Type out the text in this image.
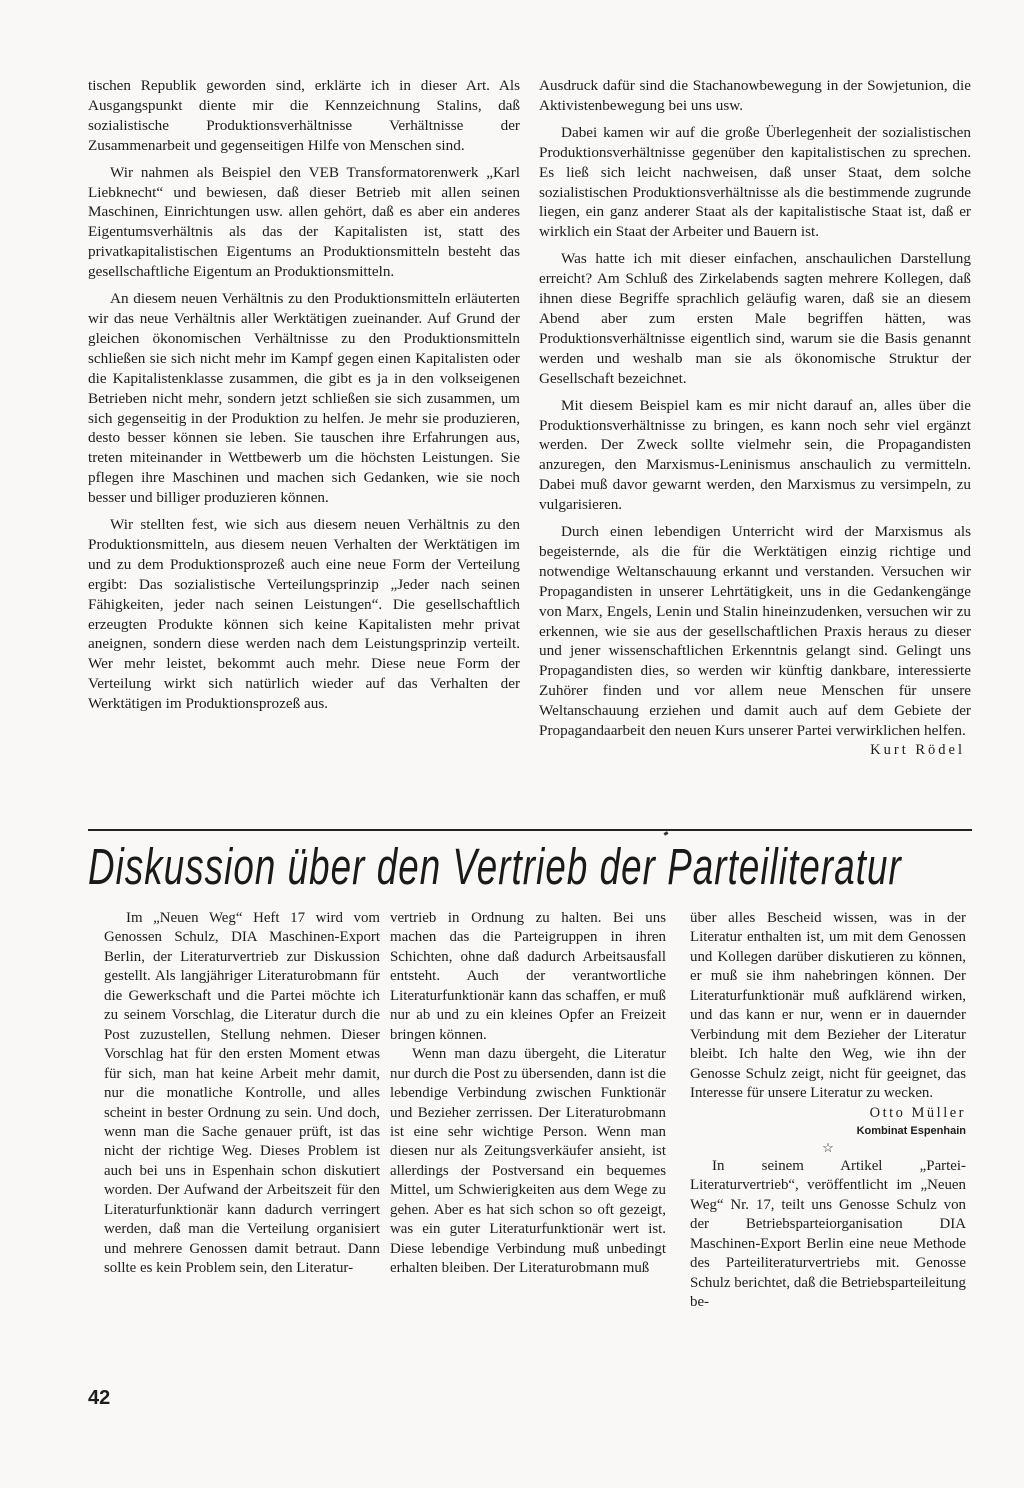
tischen Republik geworden sind, erklärte ich in dieser Art. Als Ausgangspunkt diente mir die Kennzeichnung Stalins, daß sozialistische Produktionsverhältnisse Verhältnisse der Zusammenarbeit und gegenseitigen Hilfe von Menschen sind.

Wir nahmen als Beispiel den VEB Transformatorenwerk „Karl Liebknecht“ und bewiesen, daß dieser Betrieb mit allen seinen Maschinen, Einrichtungen usw. allen gehört, daß es aber ein anderes Eigentumsverhältnis als das der Kapitalisten ist, statt des privatkapitalistischen Eigentums an Produktionsmitteln besteht das gesellschaftliche Eigentum an Produktionsmitteln.

An diesem neuen Verhältnis zu den Produktionsmitteln erläuterten wir das neue Verhältnis aller Werktätigen zueinander. Auf Grund der gleichen ökonomischen Verhältnisse zu den Produktionsmitteln schließen sie sich nicht mehr im Kampf gegen einen Kapitalisten oder die Kapitalistenklasse zusammen, die gibt es ja in den volkseigenen Betrieben nicht mehr, sondern jetzt schließen sie sich zusammen, um sich gegenseitig in der Produktion zu helfen. Je mehr sie produzieren, desto besser können sie leben. Sie tauschen ihre Erfahrungen aus, treten miteinander in Wettbewerb um die höchsten Leistungen. Sie pflegen ihre Maschinen und machen sich Gedanken, wie sie noch besser und billiger produzieren können.

Wir stellten fest, wie sich aus diesem neuen Verhältnis zu den Produktionsmitteln, aus diesem neuen Verhalten der Werktätigen im und zu dem Produktionsprozeß auch eine neue Form der Verteilung ergibt: Das sozialistische Verteilungsprinzip „Jeder nach seinen Fähigkeiten, jeder nach seinen Leistungen“. Die gesellschaftlich erzeugten Produkte können sich keine Kapitalisten mehr privat aneignen, sondern diese werden nach dem Leistungsprinzip verteilt. Wer mehr leistet, bekommt auch mehr. Diese neue Form der Verteilung wirkt sich natürlich wieder auf das Verhalten der Werktätigen im Produktionsprozeß aus.

Ausdruck dafür sind die Stachanowbewegung in der Sowjetunion, die Aktivistenbewegung bei uns usw.

Dabei kamen wir auf die große Überlegenheit der sozialistischen Produktionsverhältnisse gegenüber den kapitalistischen zu sprechen. Es ließ sich leicht nachweisen, daß unser Staat, dem solche sozialistischen Produktionsverhältnisse als die bestimmende zugrunde liegen, ein ganz anderer Staat als der kapitalistische Staat ist, daß er wirklich ein Staat der Arbeiter und Bauern ist.

Was hatte ich mit dieser einfachen, anschaulichen Darstellung erreicht? Am Schluß des Zirkelabends sagten mehrere Kollegen, daß ihnen diese Begriffe sprachlich geläufig waren, daß sie an diesem Abend aber zum ersten Male begriffen hätten, was Produktionsverhältnisse eigentlich sind, warum sie die Basis genannt werden und weshalb man sie als ökonomische Struktur der Gesellschaft bezeichnet.

Mit diesem Beispiel kam es mir nicht darauf an, alles über die Produktionsverhältnisse zu bringen, es kann noch sehr viel ergänzt werden. Der Zweck sollte vielmehr sein, die Propagandisten anzuregen, den Marxismus-Leninismus anschaulich zu vermitteln. Dabei muß davor gewarnt werden, den Marxismus zu versimpeln, zu vulgarisieren.

Durch einen lebendigen Unterricht wird der Marxismus als begeisternde, als die für die Werktätigen einzig richtige und notwendige Weltanschauung erkannt und verstanden. Versuchen wir Propagandisten in unserer Lehrtätigkeit, uns in die Gedankengänge von Marx, Engels, Lenin und Stalin hineinzudenken, versuchen wir zu erkennen, wie sie aus der gesellschaftlichen Praxis heraus zu dieser und jener wissenschaftlichen Erkenntnis gelangt sind. Gelingt uns Propagandisten dies, so werden wir künftig dankbare, interessierte Zuhörer finden und vor allem neue Menschen für unsere Weltanschauung erziehen und damit auch auf dem Gebiete der Propagandaarbeit den neuen Kurs unserer Partei verwirklichen helfen.
Kurt Rödel

Diskussion über den Vertrieb der Parteiliteratur

Im „Neuen Weg“ Heft 17 wird vom Genossen Schulz, DIA Maschinen-Export Berlin, der Literaturvertrieb zur Diskussion gestellt. Als langjähriger Literaturobmann für die Gewerkschaft und die Partei möchte ich zu seinem Vorschlag, die Literatur durch die Post zuzustellen, Stellung nehmen. Dieser Vorschlag hat für den ersten Moment etwas für sich, man hat keine Arbeit mehr damit, nur die monatliche Kontrolle, und alles scheint in bester Ordnung zu sein. Und doch, wenn man die Sache genauer prüft, ist das nicht der richtige Weg. Dieses Problem ist auch bei uns in Espenhain schon diskutiert worden. Der Aufwand der Arbeitszeit für den Literaturfunktionär kann dadurch verringert werden, daß man die Verteilung organisiert und mehrere Genossen damit betraut. Dann sollte es kein Problem sein, den Literatur-

vertrieb in Ordnung zu halten. Bei uns machen das die Parteigruppen in ihren Schichten, ohne daß dadurch Arbeitsausfall entsteht. Auch der verantwortliche Literaturfunktionär kann das schaffen, er muß nur ab und zu ein kleines Opfer an Freizeit bringen können.

Wenn man dazu übergeht, die Literatur nur durch die Post zu übersenden, dann ist die lebendige Verbindung zwischen Funktionär und Bezieher zerrissen. Der Literaturobmann ist eine sehr wichtige Person. Wenn man diesen nur als Zeitungsverkäufer ansieht, ist allerdings der Postversand ein bequemes Mittel, um Schwierigkeiten aus dem Wege zu gehen. Aber es hat sich schon so oft gezeigt, was ein guter Literaturfunktionär wert ist. Diese lebendige Verbindung muß unbedingt erhalten bleiben. Der Literaturobmann muß

über alles Bescheid wissen, was in der Literatur enthalten ist, um mit dem Genossen und Kollegen darüber diskutieren zu können, er muß sie ihm nahebringen können. Der Literaturfunktionär muß aufklärend wirken, und das kann er nur, wenn er in dauernder Verbindung mit dem Bezieher der Literatur bleibt. Ich halte den Weg, wie ihn der Genosse Schulz zeigt, nicht für geeignet, das Interesse für unsere Literatur zu wecken.

Otto Müller
Kombinat Espenhain
☆

In seinem Artikel „Partei-Literaturvertrieb“, veröffentlicht im „Neuen Weg“ Nr. 17, teilt uns Genosse Schulz von der Betriebsparteiorganisation DIA Maschinen-Export Berlin eine neue Methode des Parteiliteraturvertriebs mit. Genosse Schulz berichtet, daß die Betriebsparteileitung be-

42
